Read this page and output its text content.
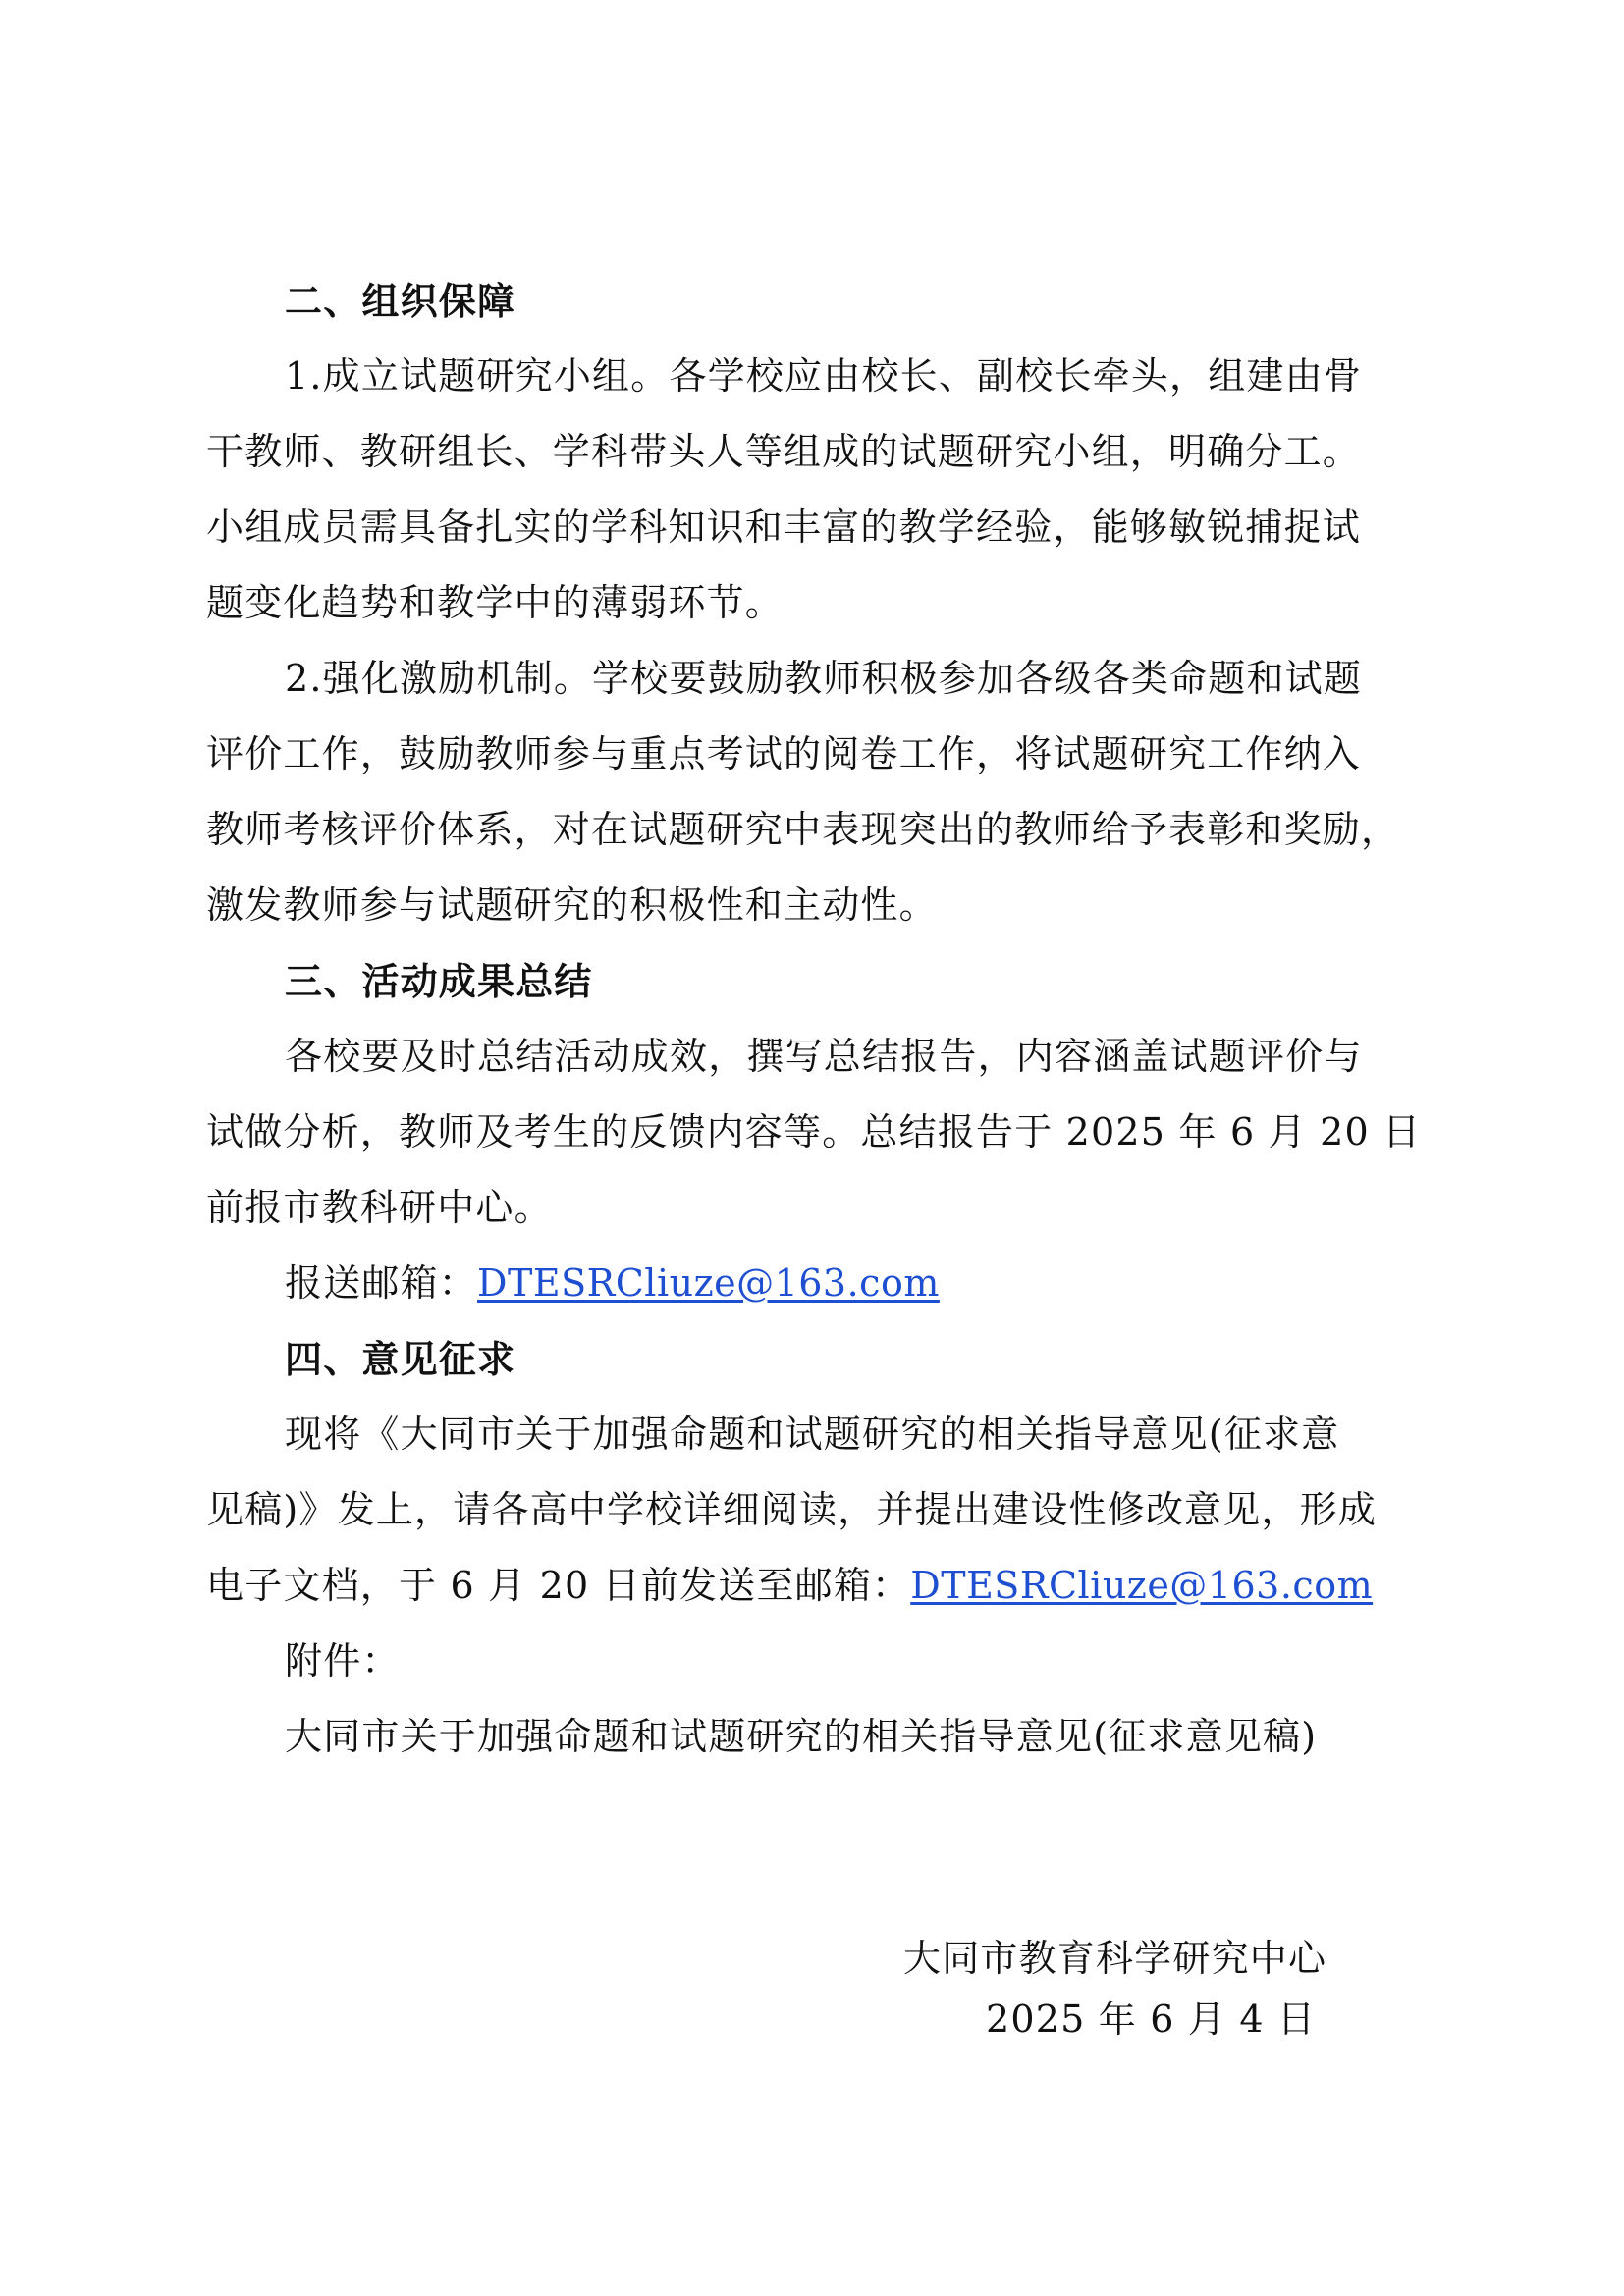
二、组织保障
1.成立试题研究小组。各学校应由校长、副校长牵头，组建由骨
干教师、教研组长、学科带头人等组成的试题研究小组，明确分工。
小组成员需具备扎实的学科知识和丰富的教学经验，能够敏锐捕捉试
题变化趋势和教学中的薄弱环节。
2.强化激励机制。学校要鼓励教师积极参加各级各类命题和试题
评价工作，鼓励教师参与重点考试的阅卷工作，将试题研究工作纳入
教师考核评价体系，对在试题研究中表现突出的教师给予表彰和奖励，
激发教师参与试题研究的积极性和主动性。
三、活动成果总结
各校要及时总结活动成效，撰写总结报告，内容涵盖试题评价与
试做分析，教师及考生的反馈内容等。总结报告于 2025 年 6 月 20 日
前报市教科研中心。
报送邮箱：DTESRCliuze@163.com
四、意见征求
现将《大同市关于加强命题和试题研究的相关指导意见(征求意
见稿)》发上，请各高中学校详细阅读，并提出建设性修改意见，形成
电子文档，于 6 月 20 日前发送至邮箱：DTESRCliuze@163.com
附件：
大同市关于加强命题和试题研究的相关指导意见(征求意见稿)
大同市教育科学研究中心
2025 年 6 月 4 日
